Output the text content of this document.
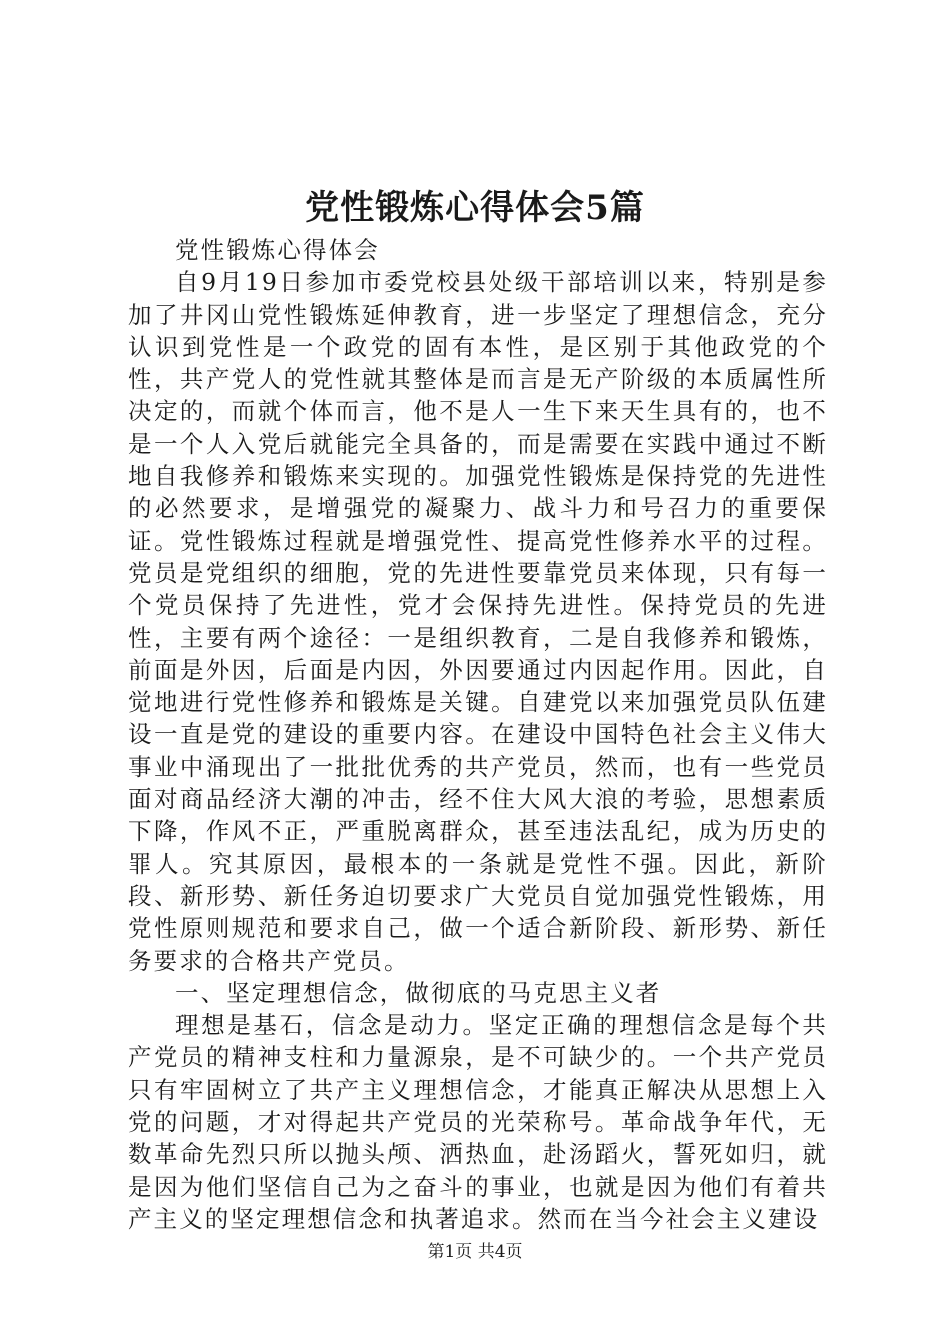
党性锻炼心得体会5篇

党性锻炼心得体会

自9月19日参加市委党校县处级干部培训以来，特别是参加了井冈山党性锻炼延伸教育，进一步坚定了理想信念，充分认识到党性是一个政党的固有本性，是区别于其他政党的个性，共产党人的党性就其整体是而言是无产阶级的本质属性所决定的，而就个体而言，他不是人一生下来天生具有的，也不是一个人入党后就能完全具备的，而是需要在实践中通过不断地自我修养和锻炼来实现的。加强党性锻炼是保持党的先进性的必然要求，是增强党的凝聚力、战斗力和号召力的重要保证。党性锻炼过程就是增强党性、提高党性修养水平的过程。党员是党组织的细胞，党的先进性要靠党员来体现，只有每一个党员保持了先进性，党才会保持先进性。保持党员的先进性，主要有两个途径：一是组织教育，二是自我修养和锻炼，前面是外因，后面是内因，外因要通过内因起作用。因此，自觉地进行党性修养和锻炼是关键。自建党以来加强党员队伍建设一直是党的建设的重要内容。在建设中国特色社会主义伟大事业中涌现出了一批批优秀的共产党员，然而，也有一些党员面对商品经济大潮的冲击，经不住大风大浪的考验，思想素质下降，作风不正，严重脱离群众，甚至违法乱纪，成为历史的罪人。究其原因，最根本的一条就是党性不强。因此，新阶段、新形势、新任务迫切要求广大党员自觉加强党性锻炼，用党性原则规范和要求自己，做一个适合新阶段、新形势、新任务要求的合格共产党员。

一、坚定理想信念，做彻底的马克思主义者

理想是基石，信念是动力。坚定正确的理想信念是每个共产党员的精神支柱和力量源泉，是不可缺少的。一个共产党员只有牢固树立了共产主义理想信念，才能真正解决从思想上入党的问题，才对得起共产党员的光荣称号。革命战争年代，无数革命先烈只所以抛头颅、洒热血，赴汤蹈火，誓死如归，就是因为他们坚信自己为之奋斗的事业，也就是因为他们有着共产主义的坚定理想信念和执著追求。然而在当今社会主义建设

第1页 共4页
